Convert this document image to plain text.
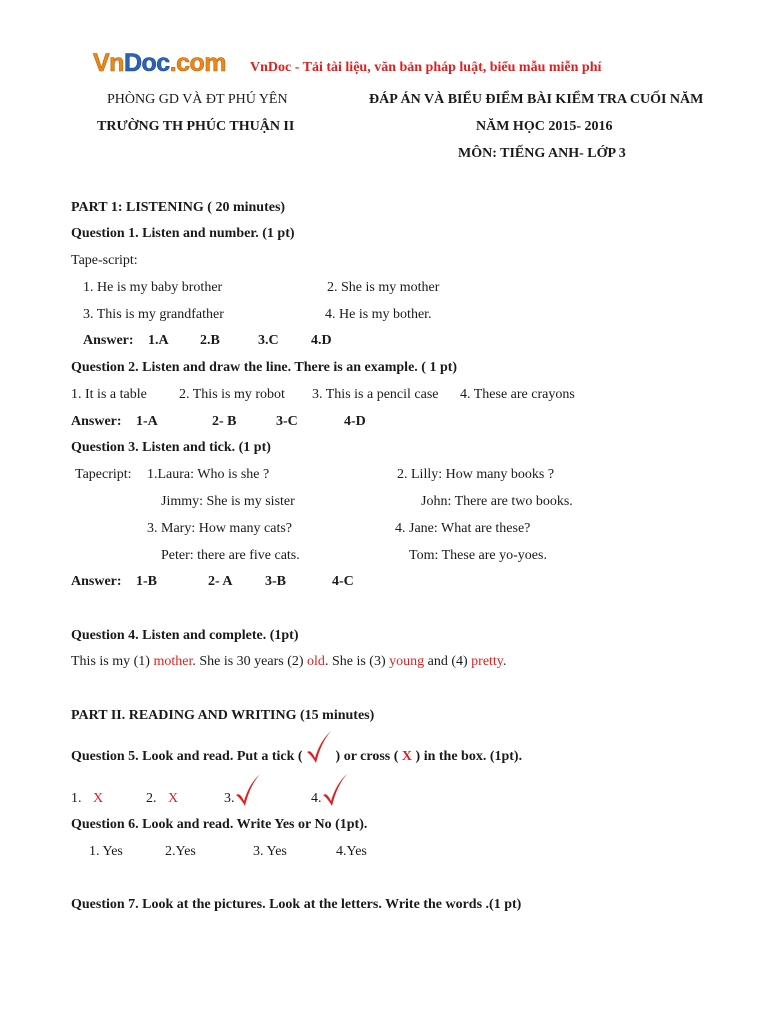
VnDoc.com VnDoc - Tải tài liệu, văn bản pháp luật, biểu mẫu miễn phí
PHÒNG GD VÀ ĐT PHÚ YÊN
TRƯỜNG TH PHÚC THUẬN II
ĐÁP ÁN VÀ BIỂU ĐIỂM BÀI KIỂM TRA CUỐI NĂM
NĂM HỌC 2015- 2016
MÔN: TIẾNG ANH- LỚP 3
PART 1: LISTENING ( 20 minutes)
Question 1. Listen and number. (1 pt)
Tape-script:
1. He is my baby brother	2. She is my mother
3. This is my grandfather	4. He is my bother.
Answer: 1.A 2.B	3.C 4.D
Question 2. Listen and draw the line. There is an example. ( 1 pt)
1. It is a table 2. This is my robot 3. This is a pencil case 4. These are crayons
Answer: 1-A	2- B	3-C	4-D
Question 3. Listen and tick. (1 pt)
Tapecript: 1.Laura: Who is she ?
Jimmy: She is my sister
2. Lilly: How many books ?
John: There are two books.
3. Mary: How many cats?
Peter: there are five cats.
4. Jane: What are these?
Tom: These are yo-yoes.
Answer: 1-B	2- A 3-B	4-C
Question 4. Listen and complete. (1pt)
This is my (1) mother. She is 30 years (2) old. She is (3) young and (4) pretty.
PART II. READING AND WRITING (15 minutes)
Question 5. Look and read. Put a tick (  ) or cross ( X ) in the box. (1pt).
1. X	2. X	3.	4.
Question 6. Look and read. Write Yes or No (1pt).
1. Yes	2.Yes	3. Yes	4.Yes
Question 7. Look at the pictures. Look at the letters. Write the words .(1 pt)
